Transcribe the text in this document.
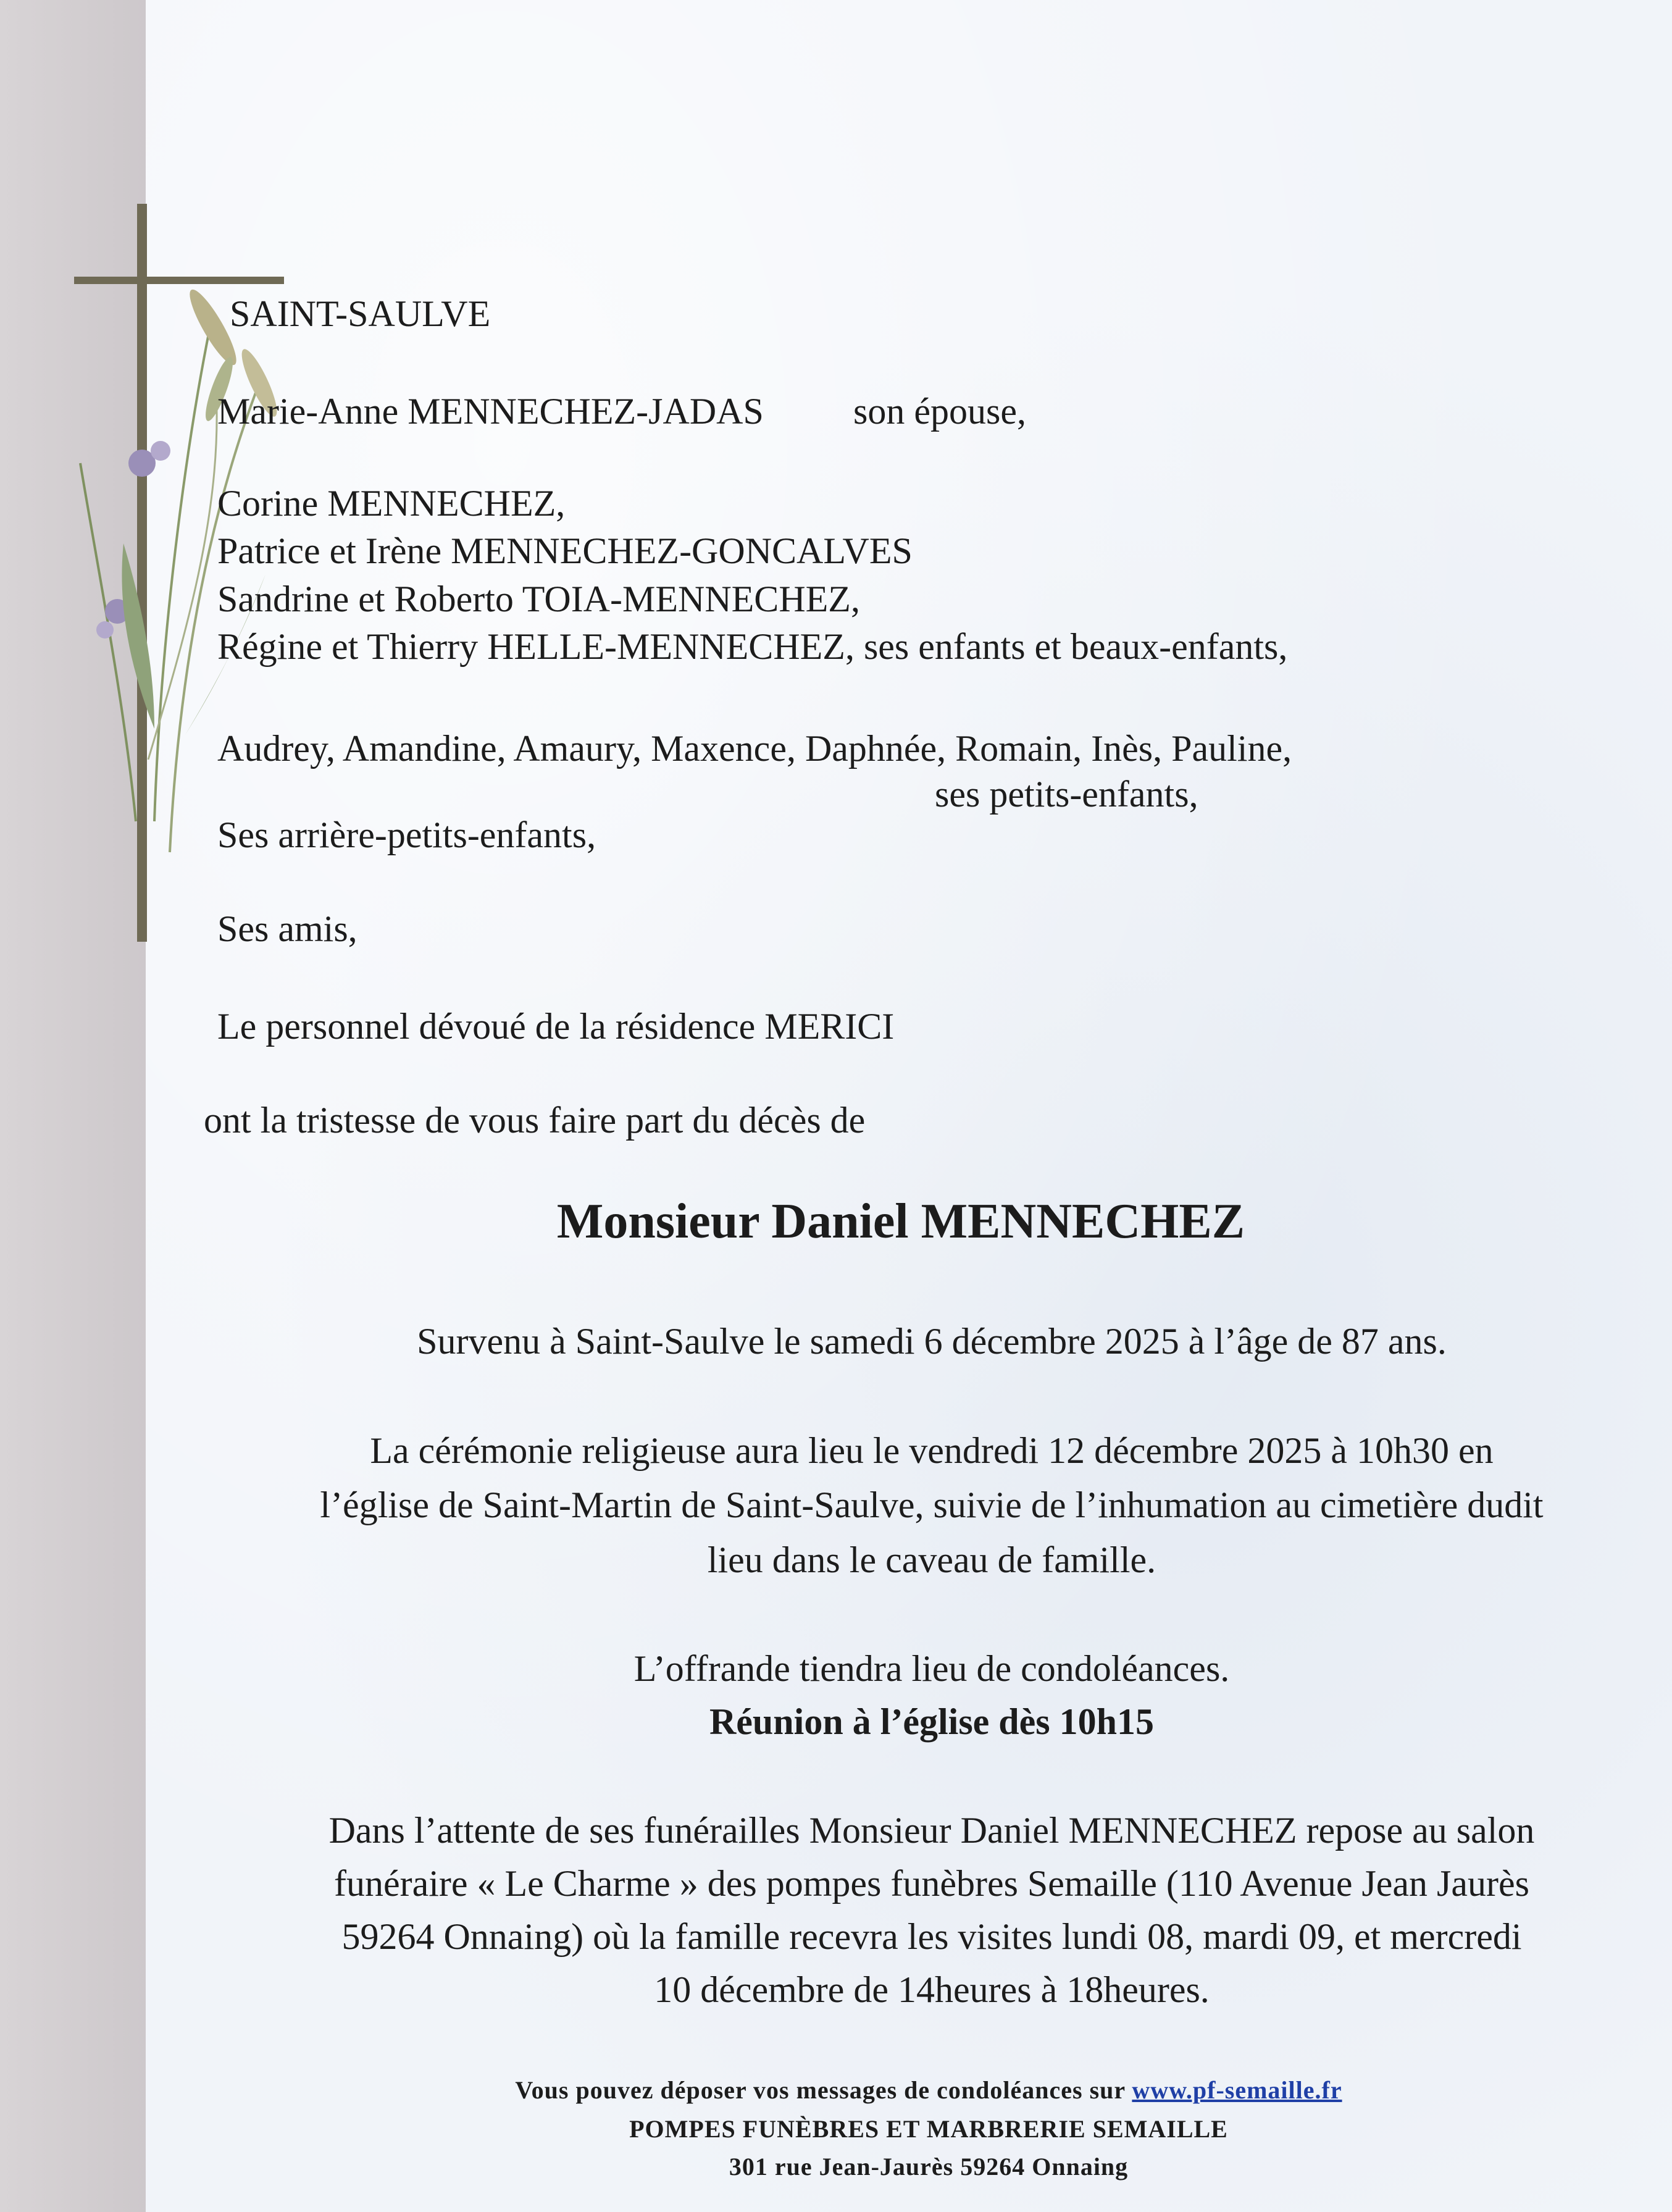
SAINT-SAULVE
Marie-Anne MENNECHEZ-JADAS son épouse,
Corine MENNECHEZ,
Patrice et Irène MENNECHEZ-GONCALVES
Sandrine et Roberto TOIA-MENNECHEZ,
Régine et Thierry HELLE-MENNECHEZ, ses enfants et beaux-enfants,
Audrey, Amandine, Amaury, Maxence, Daphnée, Romain, Inès, Pauline,
ses petits-enfants,
Ses arrière-petits-enfants,
Ses amis,
Le personnel dévoué de la résidence MERICI
ont la tristesse de vous faire part du décès de
Monsieur Daniel MENNECHEZ
Survenu à Saint-Saulve le samedi 6 décembre 2025 à l’âge de 87 ans.
La cérémonie religieuse aura lieu le vendredi 12 décembre 2025 à 10h30 en
l’église de Saint-Martin de Saint-Saulve, suivie de l’inhumation au cimetière dudit
lieu dans le caveau de famille.
L’offrande tiendra lieu de condoléances.
Réunion à l’église dès 10h15
Dans l’attente de ses funérailles Monsieur Daniel MENNECHEZ repose au salon
funéraire « Le Charme » des pompes funèbres Semaille (110 Avenue Jean Jaurès
59264 Onnaing) où la famille recevra les visites lundi 08, mardi 09, et mercredi
10 décembre de 14heures à 18heures.
Vous pouvez déposer vos messages de condoléances sur www.pf-semaille.fr
POMPES FUNÈBRES ET MARBRERIE SEMAILLE
301 rue Jean-Jaurès 59264 Onnaing
